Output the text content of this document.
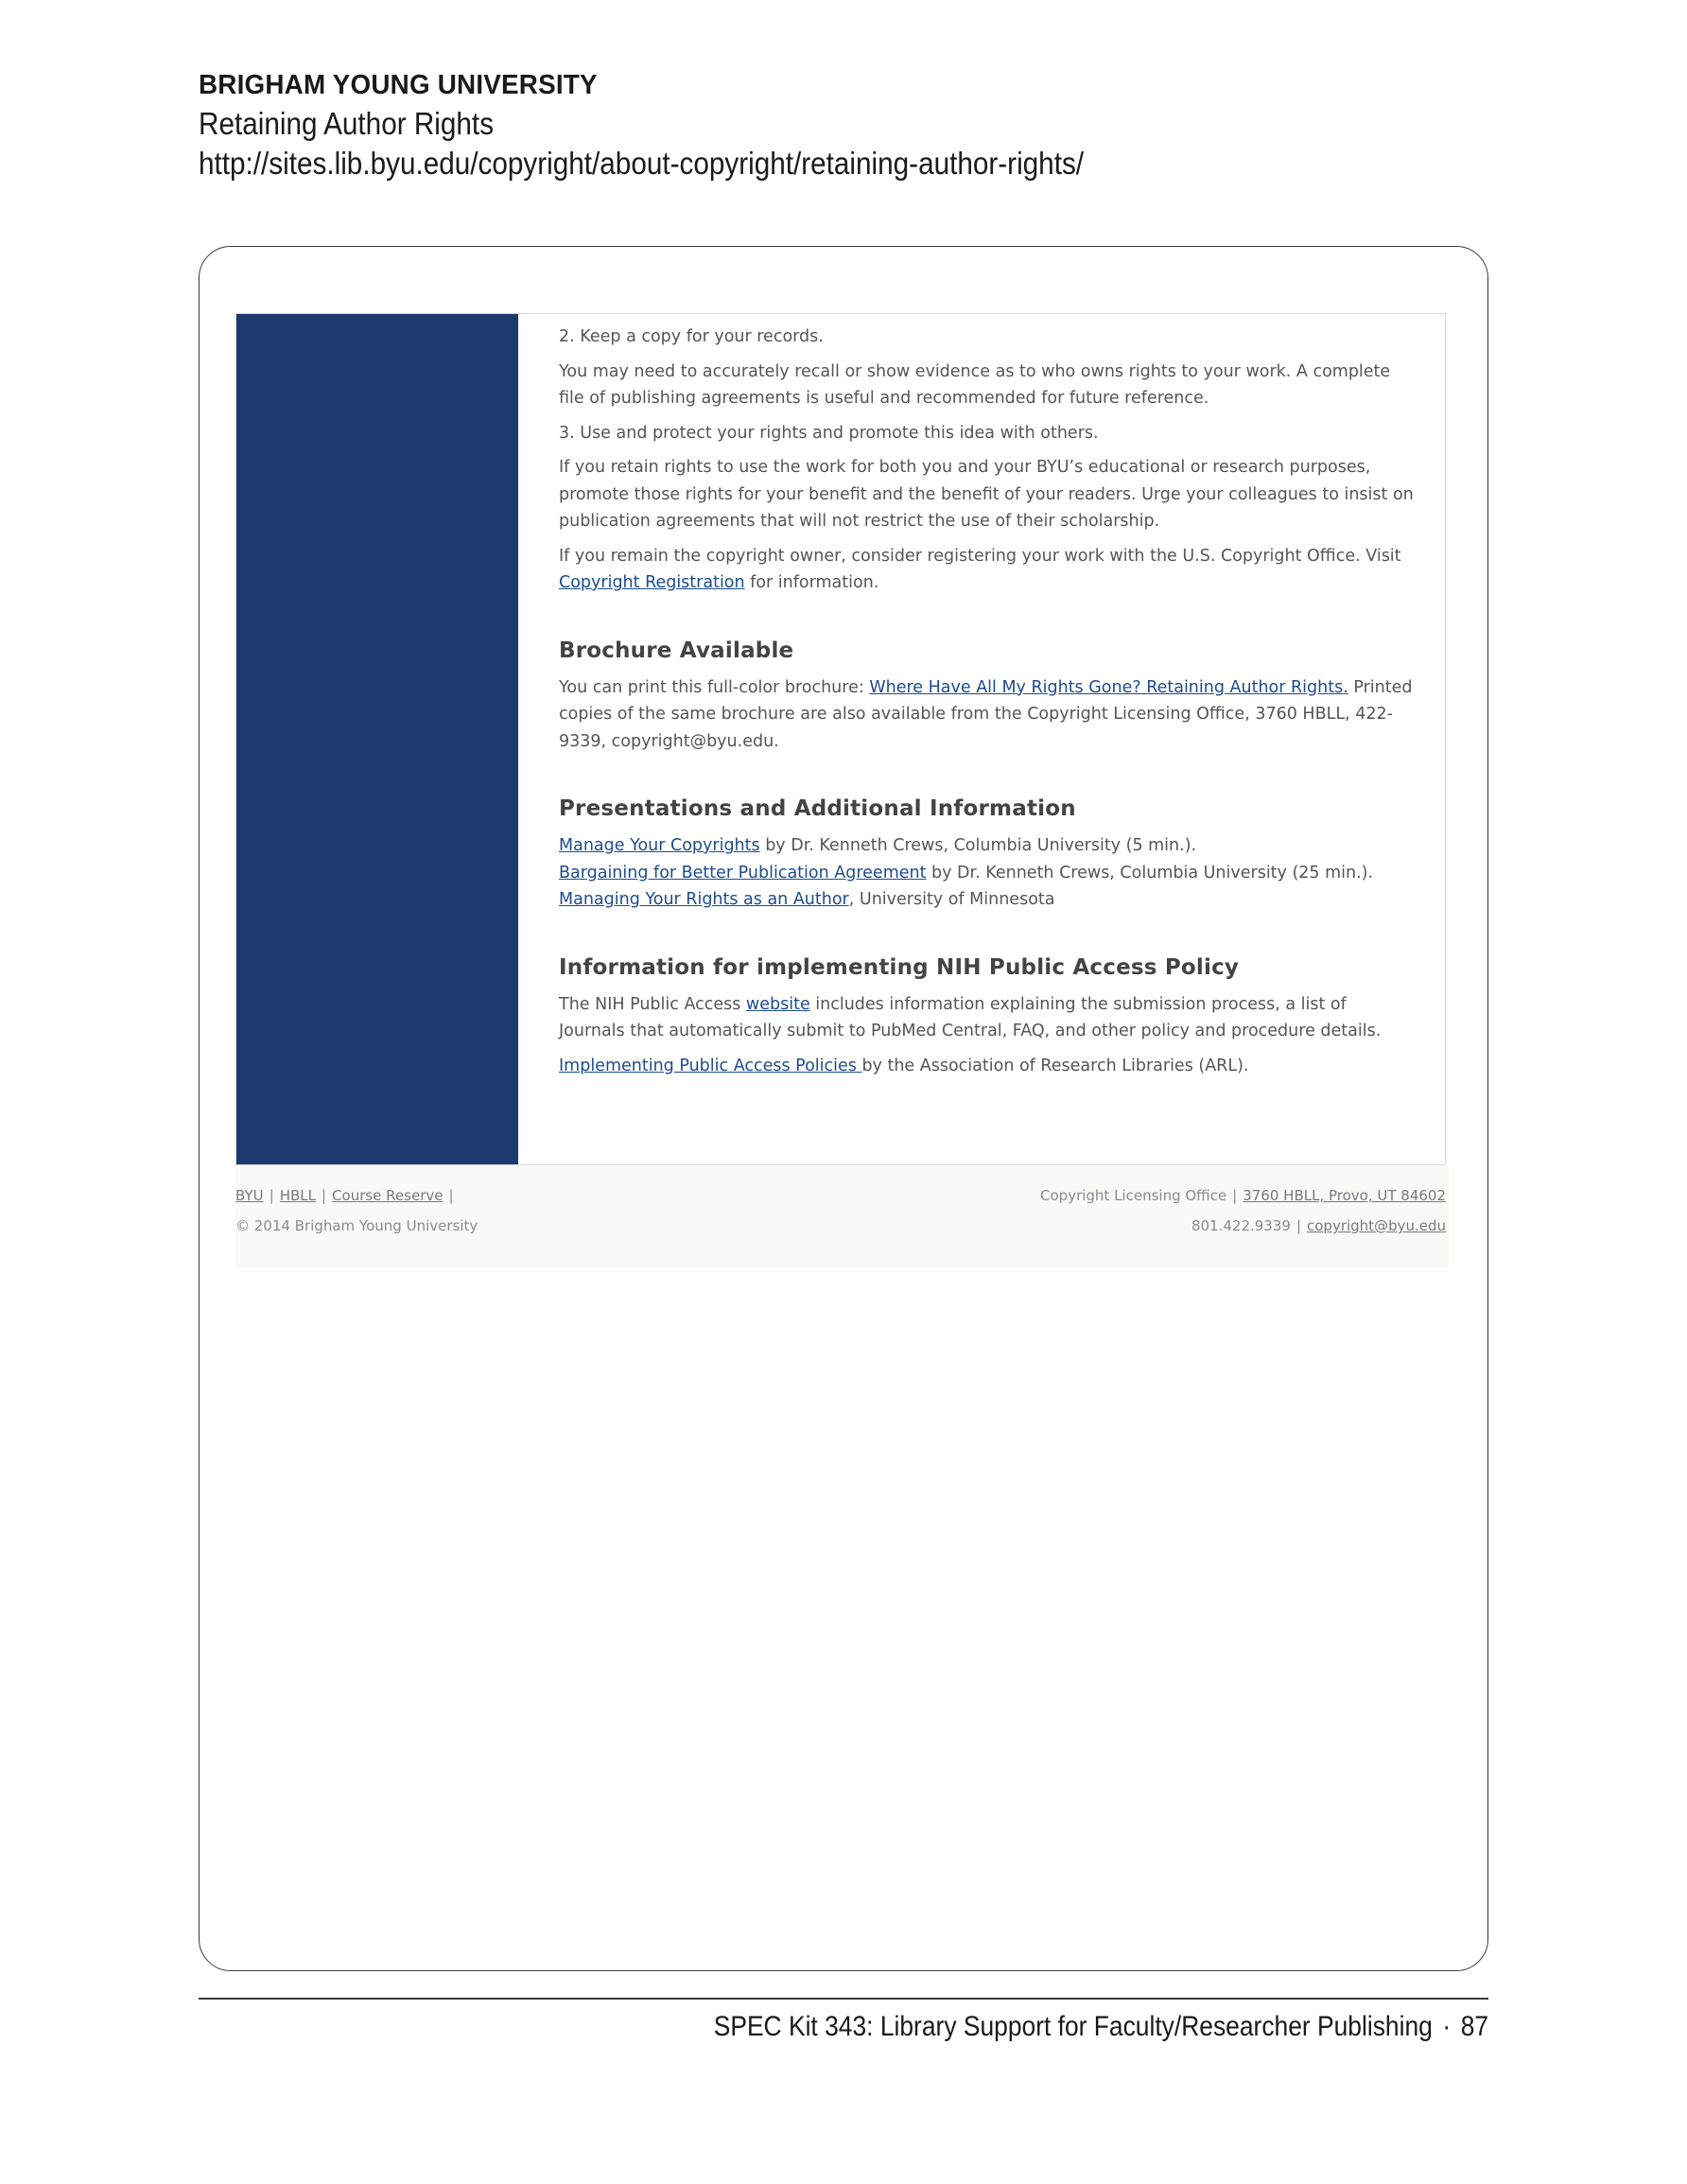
BRIGHAM YOUNG UNIVERSITY
Retaining Author Rights
http://sites.lib.byu.edu/copyright/about-copyright/retaining-author-rights/

2. Keep a copy for your records.

You may need to accurately recall or show evidence as to who owns rights to your work. A complete file of publishing agreements is useful and recommended for future reference.

3. Use and protect your rights and promote this idea with others.

If you retain rights to use the work for both you and your BYU’s educational or research purposes, promote those rights for your benefit and the benefit of your readers. Urge your colleagues to insist on publication agreements that will not restrict the use of their scholarship.

If you remain the copyright owner, consider registering your work with the U.S. Copyright Office. Visit Copyright Registration for information.

Brochure Available

You can print this full-color brochure: Where Have All My Rights Gone? Retaining Author Rights. Printed copies of the same brochure are also available from the Copyright Licensing Office, 3760 HBLL, 422-9339, copyright@byu.edu.

Presentations and Additional Information
Manage Your Copyrights by Dr. Kenneth Crews, Columbia University (5 min.).
Bargaining for Better Publication Agreement by Dr. Kenneth Crews, Columbia University (25 min.).
Managing Your Rights as an Author, University of Minnesota
Information for implementing NIH Public Access Policy

The NIH Public Access website includes information explaining the submission process, a list of Journals that automatically submit to PubMed Central, FAQ, and other policy and procedure details.

Implementing Public Access Policies by the Association of Research Libraries (ARL).

BYU | HBLL | Course Reserve |
© 2014 Brigham Young University
Copyright Licensing Office | 3760 HBLL, Provo, UT 84602
801.422.9339 | copyright@byu.edu
SPEC Kit 343: Library Support for Faculty/Researcher Publishing · 87
